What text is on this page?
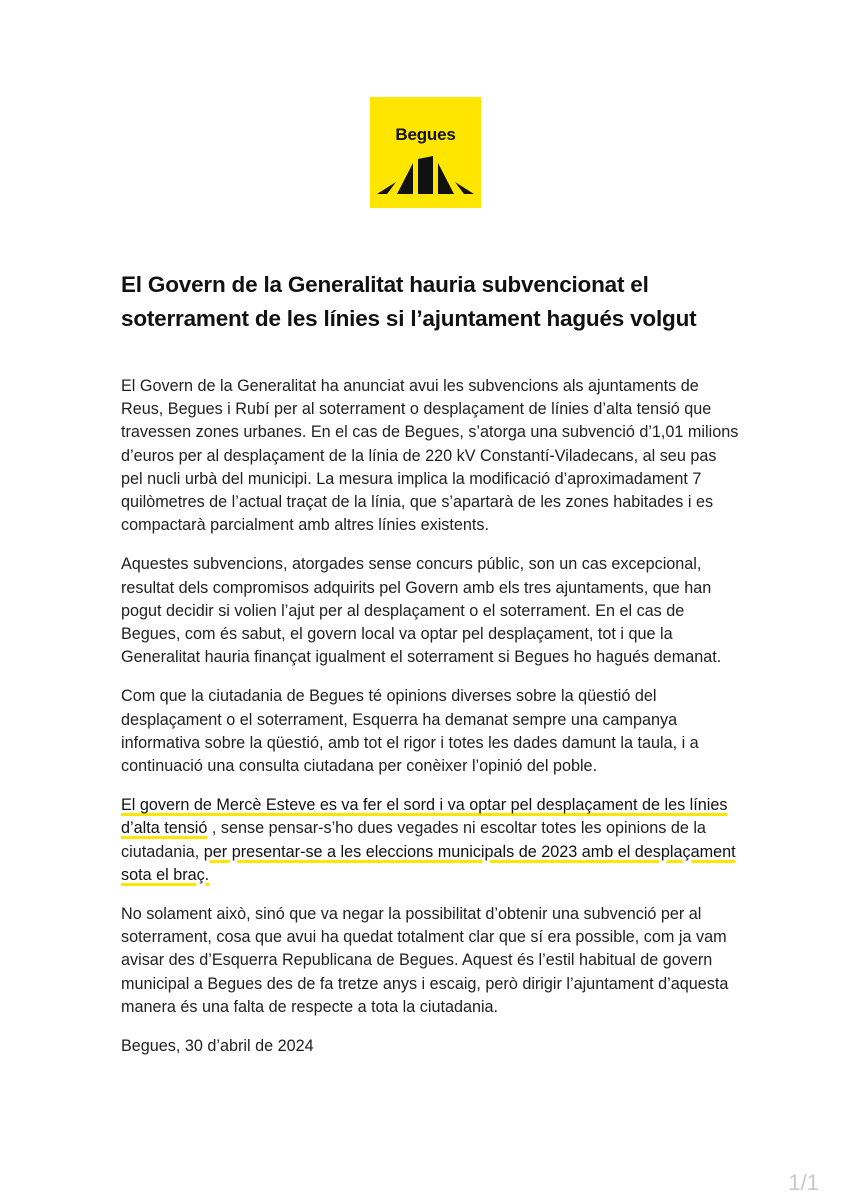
Begues
El Govern de la Generalitat hauria subvencionat el soterrament de les línies si l’ajuntament hagués volgut

El Govern de la Generalitat ha anunciat avui les subvencions als ajuntaments de Reus, Begues i Rubí per al soterrament o desplaçament de línies d’alta tensió que travessen zones urbanes. En el cas de Begues, s’atorga una subvenció d’1,01 milions d’euros per al desplaçament de la línia de 220 kV Constantí-Viladecans, al seu pas pel nucli urbà del municipi. La mesura implica la modificació d’aproximadament 7 quilòmetres de l’actual traçat de la línia, que s’apartarà de les zones habitades i es compactarà parcialment amb altres línies existents.

Aquestes subvencions, atorgades sense concurs públic, son un cas excepcional, resultat dels compromisos adquirits pel Govern amb els tres ajuntaments, que han pogut decidir si volien l’ajut per al desplaçament o el soterrament. En el cas de Begues, com és sabut, el govern local va optar pel desplaçament, tot i que la Generalitat hauria finançat igualment el soterrament si Begues ho hagués demanat.

Com que la ciutadania de Begues té opinions diverses sobre la qüestió del desplaçament o el soterrament, Esquerra ha demanat sempre una campanya informativa sobre la qüestió, amb tot el rigor i totes les dades damunt la taula, i a continuació una consulta ciutadana per conèixer l’opinió del poble.

El govern de Mercè Esteve es va fer el sord i va optar pel desplaçament de les línies d’alta tensió , sense pensar-s’ho dues vegades ni escoltar totes les opinions de la ciutadania, per presentar-se a les eleccions municipals de 2023 amb el desplaçament sota el braç.

No solament això, sinó que va negar la possibilitat d’obtenir una subvenció per al soterrament, cosa que avui ha quedat totalment clar que sí era possible, com ja vam avisar des d’Esquerra Republicana de Begues. Aquest és l’estil habitual de govern municipal a Begues des de fa tretze anys i escaig, però dirigir l’ajuntament d’aquesta manera és una falta de respecte a tota la ciutadania.

Begues, 30 d’abril de 2024

1/1
